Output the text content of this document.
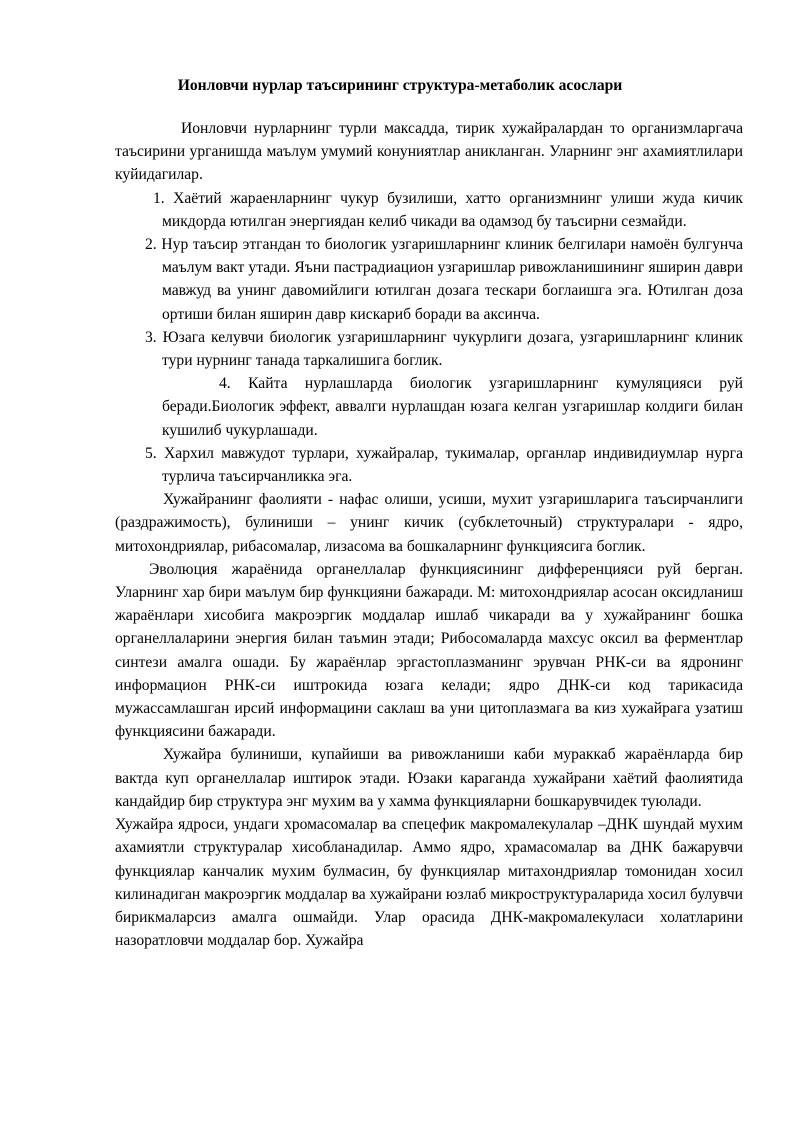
Ионловчи нурлар таъсирининг структура-метаболик асослари

Ионловчи нурларнинг турли максадда, тирик хужайралардан то организмларгача таъсирини урганишда маълум умумий конуниятлар аникланган. Уларнинг энг ахамиятлилари куйидагилар.

1. Хаётий жараенларнинг чукур бузилиши, хатто организмнинг улиши жуда кичик микдорда ютилган энергиядан келиб чикади ва одамзод бу таъсирни сезмайди.

2. Нур таъсир этгандан то биологик узгаришларнинг клиник белгилари намоён булгунча маълум вакт утади. Яъни пастрадиацион узгаришлар ривожланишининг яширин даври мавжуд ва унинг давомийлиги ютилган дозага тескари боглаишга эга. Ютилган доза ортиши билан яширин давр кискариб боради ва аксинча.

3. Юзага келувчи биологик узгаришларнинг чукурлиги дозага, узгаришларнинг клиник тури нурнинг танада таркалишига боглик.

4. Кайта нурлашларда биологик узгаришларнинг кумуляцияси руй беради.Биологик эффект, аввалги нурлашдан юзага келган узгаришлар колдиги билан кушилиб чукурлашади.

5. Хархил мавжудот турлари, хужайралар, тукималар, органлар индивидиумлар нурга турлича таъсирчанликка эга.

Хужайранинг фаолияти - нафас олиши, усиши, мухит узгаришларига таъсирчанлиги (раздражимость), булиниши – унинг кичик (субклеточный) структуралари - ядро, митохондриялар, рибасомалар, лизасома ва бошкаларнинг функциясига боглик.

Эволюция жараёнида органеллалар функциясининг дифференцияси руй берган. Уларнинг хар бири маълум бир функцияни бажаради. М: митохондриялар асосан оксидланиш жараёнлари хисобига макроэргик моддалар ишлаб чикаради ва у хужайранинг бошка органеллаларини энергия билан таъмин этади; Рибосомаларда махсус оксил ва ферментлар синтези амалга ошади. Бу жараёнлар эргастоплазманинг эрувчан РНК-си ва ядронинг информацион РНК-си иштрокида юзага келади; ядро ДНК-си код тарикасида мужассамлашган ирсий информацини саклаш ва уни цитоплазмага ва киз хужайрага узатиш функциясини бажаради.

Хужайра булиниши, купайиши ва ривожланиши каби мураккаб жараёнларда бир вактда куп органеллалар иштирок этади. Юзаки караганда хужайрани хаётий фаолиятида кандайдир бир структура энг мухим ва у хамма функцияларни бошкарувчидек туюлади.

Хужайра ядроси, ундаги хромасомалар ва спецефик макромалекулалар –ДНК шундай мухим ахамиятли структуралар хисобланадилар. Аммо ядро, храмасомалар ва ДНК бажарувчи функциялар канчалик мухим булмасин, бу функциялар митахондриялар томонидан хосил килинадиган макроэргик моддалар ва хужайрани юзлаб микроструктураларида хосил булувчи бирикмаларсиз амалга ошмайди. Улар орасида ДНК-макромалекуласи холатларини назоратловчи моддалар бор. Хужайра
